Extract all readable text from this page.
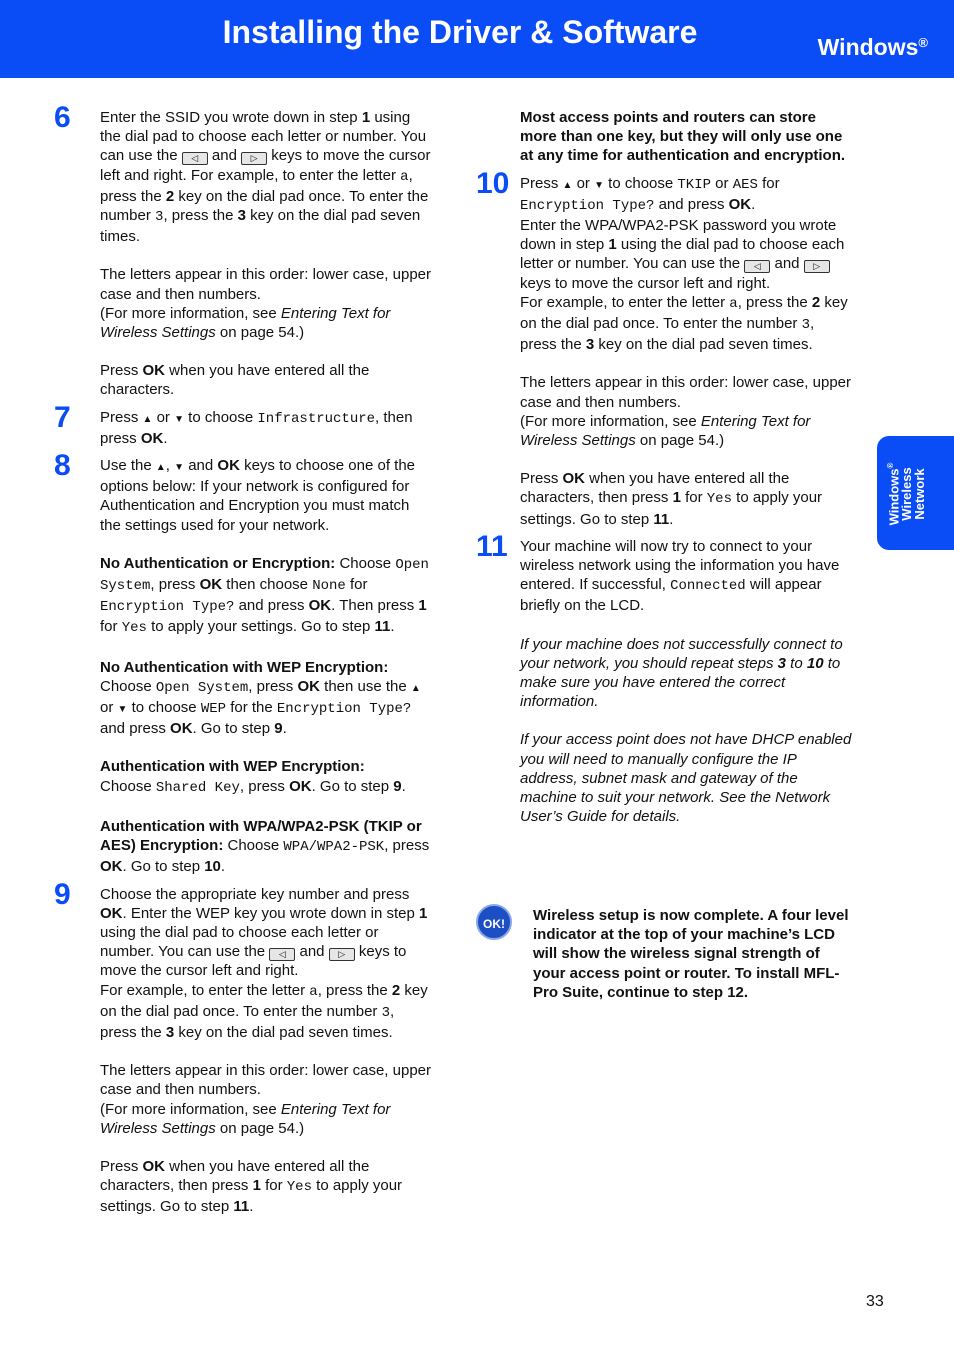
Installing the Driver & Software	Windows®
Windows®
Wireless
Network
6 Enter the SSID you wrote down in step 1 using the dial pad to choose each letter or number. You can use the ◁ and ▷ keys to move the cursor left and right. For example, to enter the letter a, press the 2 key on the dial pad once. To enter the number 3, press the 3 key on the dial pad seven times.

The letters appear in this order: lower case, upper case and then numbers.

(For more information, see Entering Text for Wireless Settings on page 54.)

Press OK when you have entered all the characters.

7 Press ▲ or ▼ to choose Infrastructure, then press OK.

8 Use the ▲, ▼ and OK keys to choose one of the options below: If your network is configured for Authentication and Encryption you must match the settings used for your network.

No Authentication or Encryption: Choose Open System, press OK then choose None for Encryption Type? and press OK. Then press 1 for Yes to apply your settings. Go to step 11.

No Authentication with WEP Encryption:
Choose Open System, press OK then use the ▲ or ▼ to choose WEP for the Encryption Type? and press OK. Go to step 9.

Authentication with WEP Encryption:
Choose Shared Key, press OK. Go to step 9.

Authentication with WPA/WPA2-PSK (TKIP or AES) Encryption: Choose WPA/WPA2-PSK, press OK. Go to step 10.

9 Choose the appropriate key number and press OK. Enter the WEP key you wrote down in step 1 using the dial pad to choose each letter or number. You can use the ◁ and ▷ keys to move the cursor left and right.

For example, to enter the letter a, press the 2 key on the dial pad once. To enter the number 3, press the 3 key on the dial pad seven times.

The letters appear in this order: lower case, upper case and then numbers.

(For more information, see Entering Text for Wireless Settings on page 54.)

Press OK when you have entered all the characters, then press 1 for Yes to apply your settings. Go to step 11.

Most access points and routers can store more than one key, but they will only use one at any time for authentication and encryption.

10 Press ▲ or ▼ to choose TKIP or AES for Encryption Type? and press OK.

Enter the WPA/WPA2-PSK password you wrote down in step 1 using the dial pad to choose each letter or number. You can use the ◁ and ▷ keys to move the cursor left and right.

For example, to enter the letter a, press the 2 key on the dial pad once. To enter the number 3, press the 3 key on the dial pad seven times.

The letters appear in this order: lower case, upper case and then numbers.

(For more information, see Entering Text for Wireless Settings on page 54.)

Press OK when you have entered all the characters, then press 1 for Yes to apply your settings. Go to step 11.

11 Your machine will now try to connect to your wireless network using the information you have entered. If successful, Connected will appear briefly on the LCD.

If your machine does not successfully connect to your network, you should repeat steps 3 to 10 to make sure you have entered the correct information.

If your access point does not have DHCP enabled you will need to manually configure the IP address, subnet mask and gateway of the machine to suit your network. See the Network User’s Guide for details.

OK!	Wireless setup is now complete. A four level indicator at the top of your machine’s LCD will show the wireless signal strength of your access point or router. To install MFL-Pro Suite, continue to step 12.

33
